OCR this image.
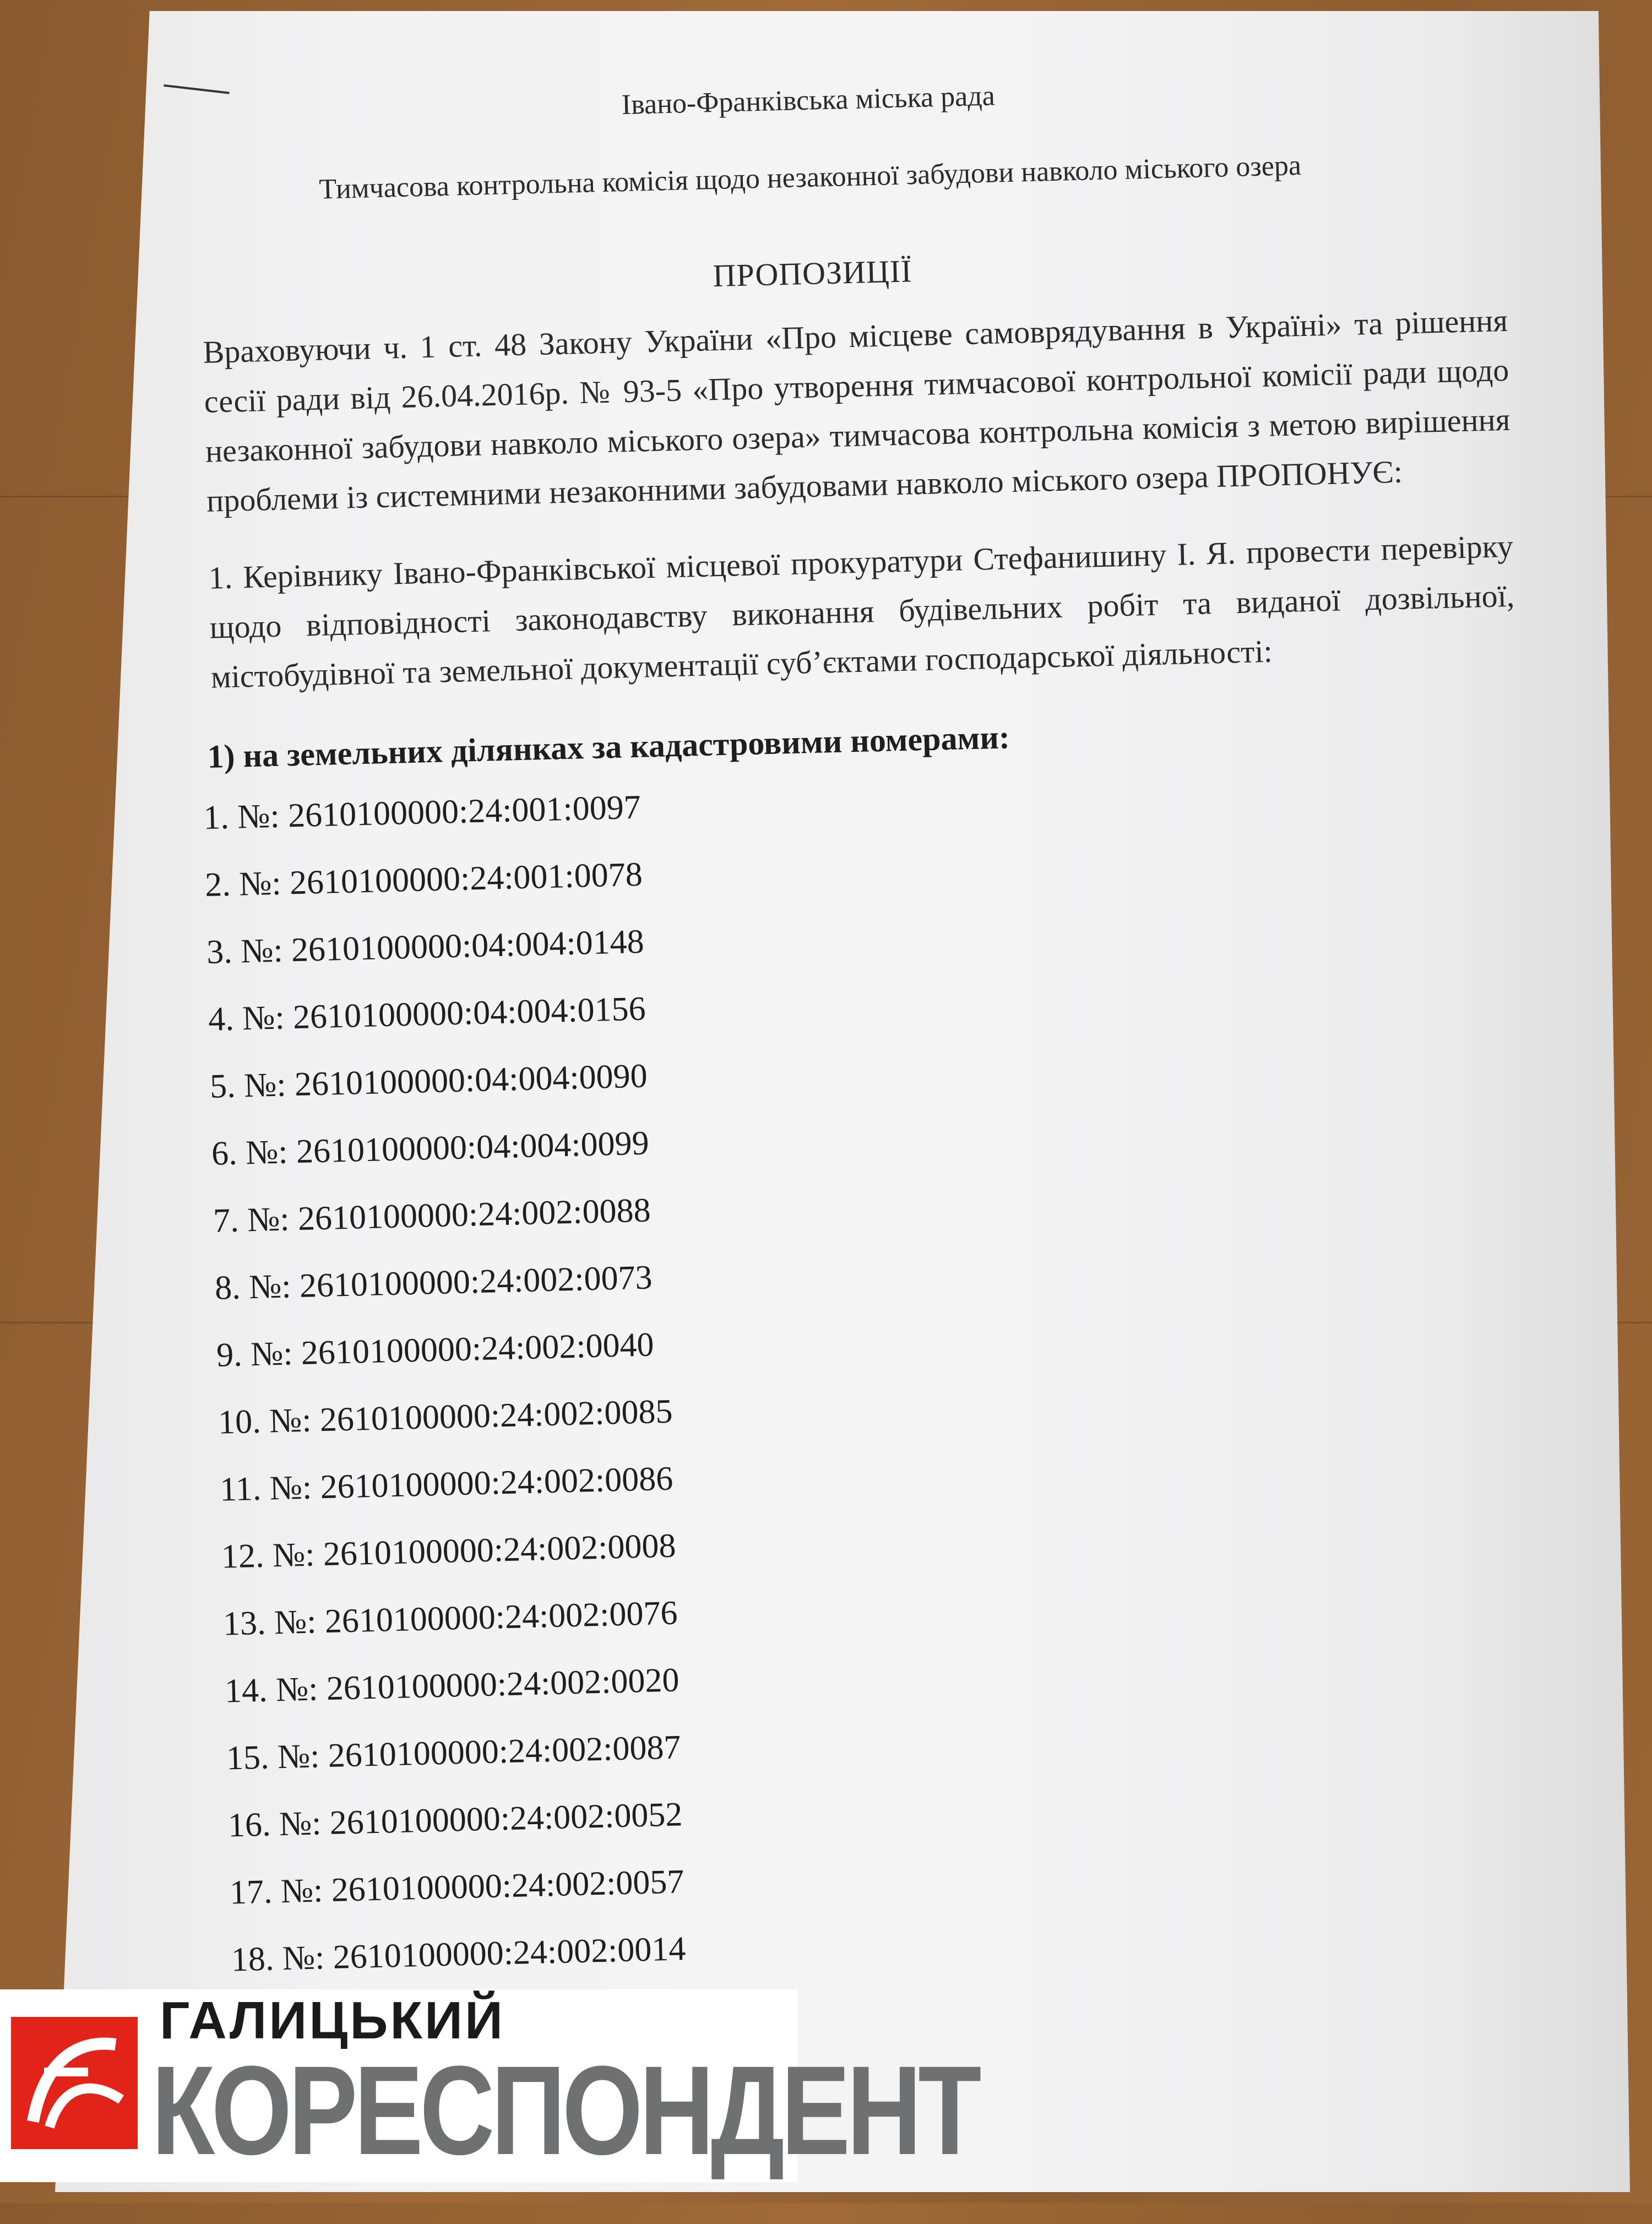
Івано-Франківська міська рада
Тимчасова контрольна комісія щодо незаконної забудови навколо міського озера
ПРОПОЗИЦІЇ
Враховуючи ч. 1 ст. 48 Закону України «Про місцеве самоврядування в Україні» та рішення сесії ради від 26.04.2016р. № 93-5 «Про утворення тимчасової контрольної комісії ради щодо незаконної забудови навколо міського озера» тимчасова контрольна комісія з метою вирішення проблеми із системними незаконними забудовами навколо міського озера ПРОПОНУЄ:
1. Керівнику Івано-Франківської місцевої прокуратури Стефанишину І. Я. провести перевірку щодо відповідності законодавству виконання будівельних робіт та виданої дозвільної, містобудівної та земельної документації суб’єктами господарської діяльності:
1) на земельних ділянках за кадастровими номерами:
1. №: 2610100000:24:001:0097
2. №: 2610100000:24:001:0078
3. №: 2610100000:04:004:0148
4. №: 2610100000:04:004:0156
5. №: 2610100000:04:004:0090
6. №: 2610100000:04:004:0099
7. №: 2610100000:24:002:0088
8. №: 2610100000:24:002:0073
9. №: 2610100000:24:002:0040
10. №: 2610100000:24:002:0085
11. №: 2610100000:24:002:0086
12. №: 2610100000:24:002:0008
13. №: 2610100000:24:002:0076
14. №: 2610100000:24:002:0020
15. №: 2610100000:24:002:0087
16. №: 2610100000:24:002:0052
17. №: 2610100000:24:002:0057
18. №: 2610100000:24:002:0014
ГАЛИЦЬКИЙ
КОРЕСПОНДЕНТ
